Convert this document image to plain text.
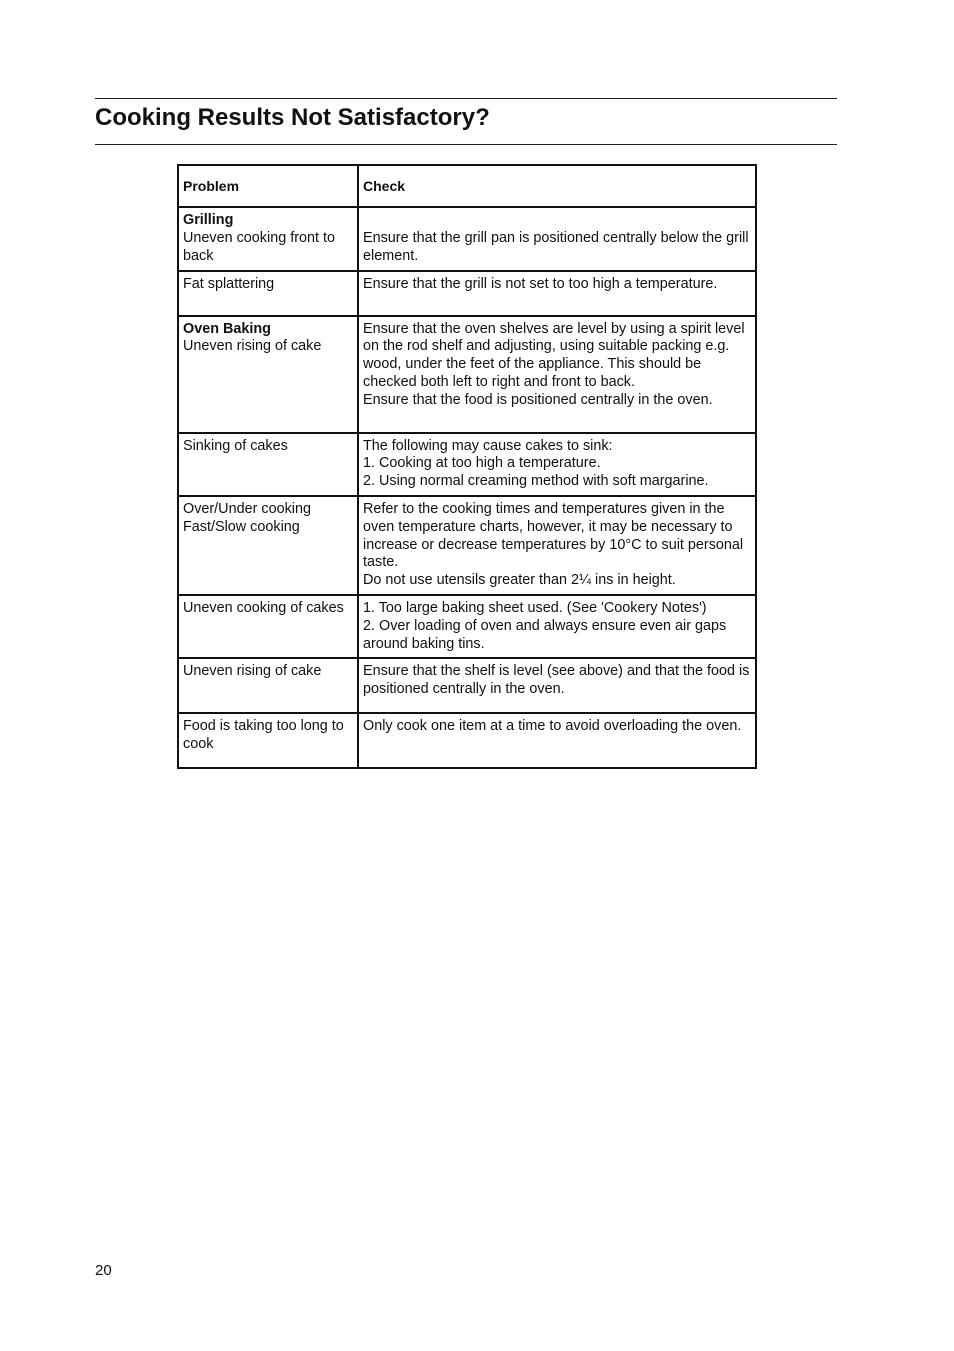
Cooking Results Not Satisfactory?
Problem	Check

Grilling
Uneven cooking front to back	Ensure that the grill pan is positioned centrally below the grill element.

Fat splattering	Ensure that the grill is not set to too high a temperature.

Oven Baking
Uneven rising of cake	Ensure that the oven shelves are level by using a spirit level on the rod shelf and adjusting, using suitable packing e.g. wood, under the feet of the appliance. This should be checked both left to right and front to back.
Ensure that the food is positioned centrally in the oven.

Sinking of cakes	The following may cause cakes to sink:
1. Cooking at too high a temperature.
2. Using normal creaming method with soft margarine.

Over/Under cooking
Fast/Slow cooking	Refer to the cooking times and temperatures given in the oven temperature charts, however, it may be necessary to increase or decrease temperatures by 10°C to suit personal taste.
Do not use utensils greater than 2¼ ins in height.

Uneven cooking of cakes	1. Too large baking sheet used. (See 'Cookery Notes')
2. Over loading of oven and always ensure even air gaps around baking tins.

Uneven rising of cake	Ensure that the shelf is level (see above) and that the food is positioned centrally in the oven.

Food is taking too long to cook	Only cook one item at a time to avoid overloading the oven.
20
